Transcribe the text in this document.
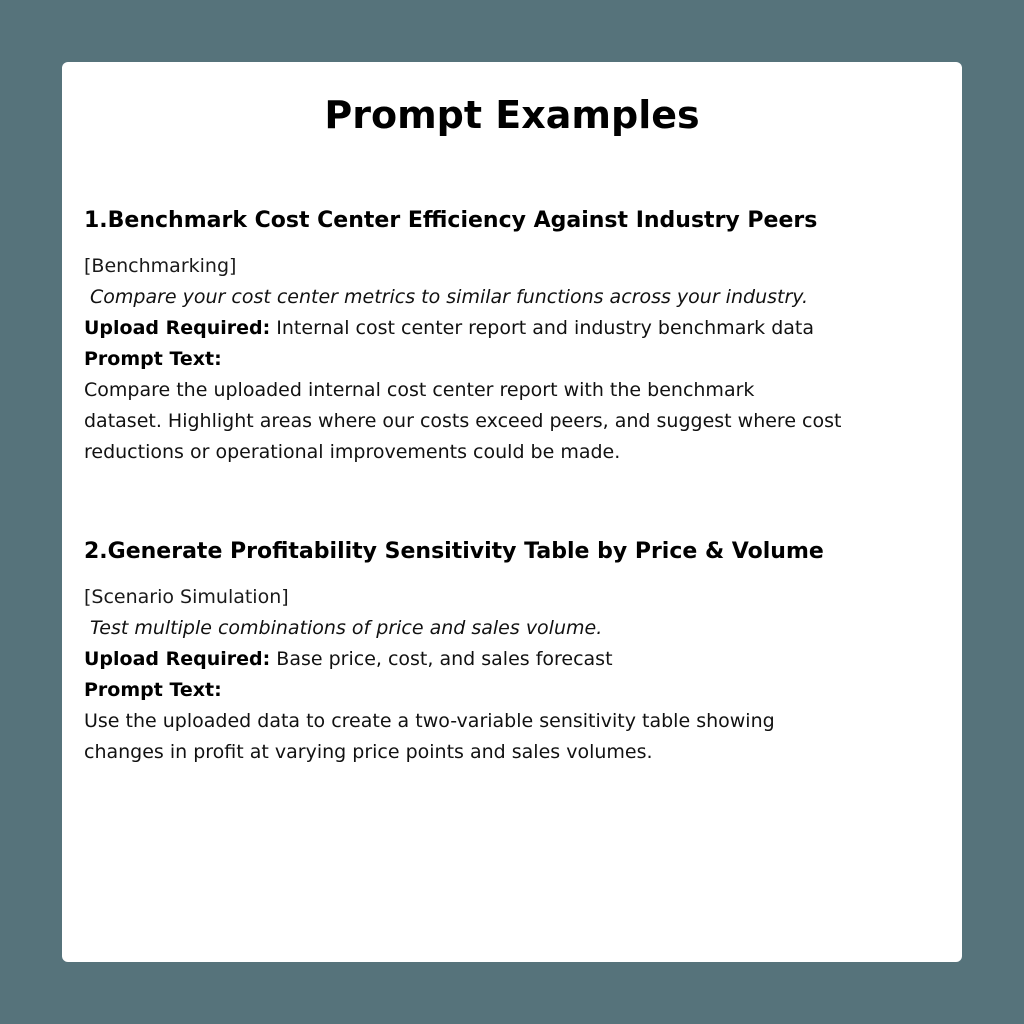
Prompt Examples
1.Benchmark Cost Center Efficiency Against Industry Peers
[Benchmarking]
Compare your cost center metrics to similar functions across your industry.
Upload Required: Internal cost center report and industry benchmark data
Prompt Text:
Compare the uploaded internal cost center report with the benchmark
dataset. Highlight areas where our costs exceed peers, and suggest where cost
reductions or operational improvements could be made.
2.Generate Profitability Sensitivity Table by Price & Volume
[Scenario Simulation]
Test multiple combinations of price and sales volume.
Upload Required: Base price, cost, and sales forecast
Prompt Text:
Use the uploaded data to create a two-variable sensitivity table showing
changes in profit at varying price points and sales volumes.
